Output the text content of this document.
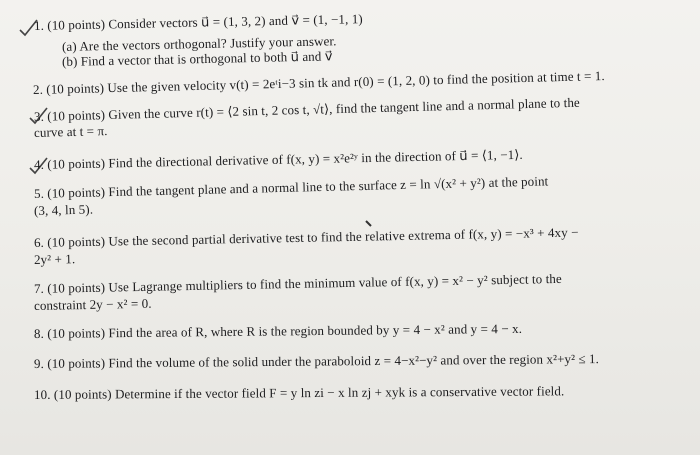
1. (10 points) Consider vectors u⃗ = (1, 3, 2) and v⃗ = (1, −1, 1)
(a) Are the vectors orthogonal? Justify your answer.
(b) Find a vector that is orthogonal to both u⃗ and v⃗
2. (10 points) Use the given velocity v(t) = 2eᵗi−3 sin tk and r(0) = (1, 2, 0) to find the position at time t = 1.
3. (10 points) Given the curve r(t) = ⟨2 sin t, 2 cos t, √t⟩, find the tangent line and a normal plane to the
curve at t = π.
4. (10 points) Find the directional derivative of f(x, y) = x²e²ʸ in the direction of u⃗ = ⟨1, −1⟩.
5. (10 points) Find the tangent plane and a normal line to the surface z = ln √(x² + y²) at the point
(3, 4, ln 5).
6. (10 points) Use the second partial derivative test to find the relative extrema of f(x, y) = −x³ + 4xy −
2y² + 1.
7. (10 points) Use Lagrange multipliers to find the minimum value of f(x, y) = x² − y² subject to the
constraint 2y − x² = 0.
8. (10 points) Find the area of R, where R is the region bounded by y = 4 − x² and y = 4 − x.
9. (10 points) Find the volume of the solid under the paraboloid z = 4−x²−y² and over the region x²+y² ≤ 1.
10. (10 points) Determine if the vector field F = y ln zi − x ln zj + xyk is a conservative vector field.
